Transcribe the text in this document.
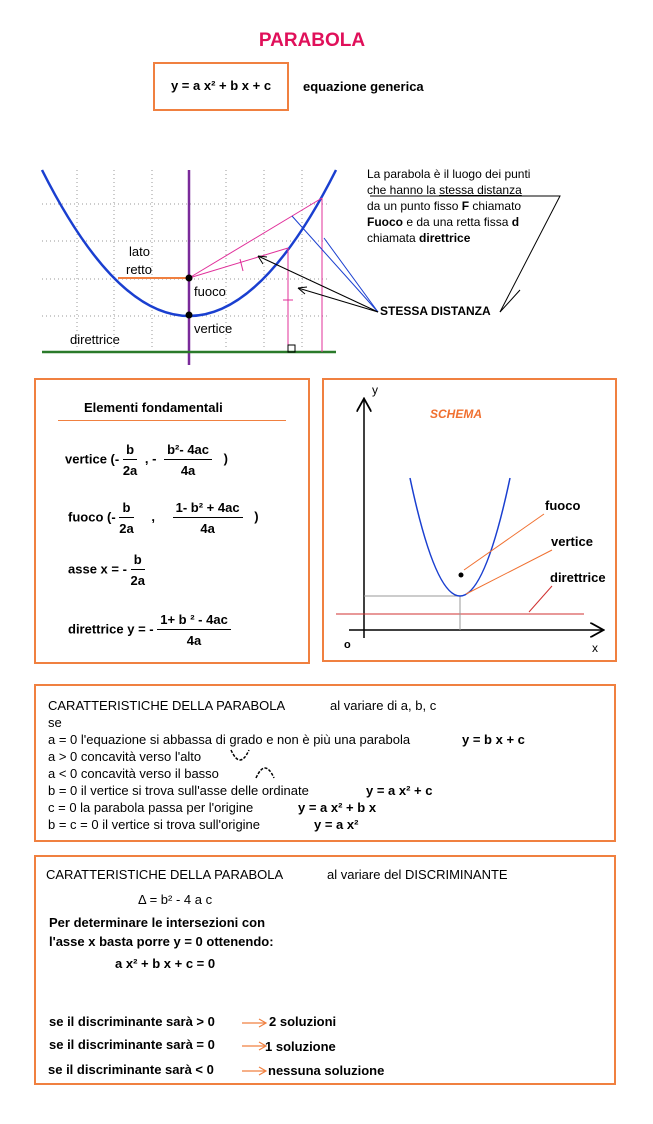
PARABOLA
y = a x² + b x + c	equazione generica
lato
retto
fuoco
vertice
direttrice
STESSA DISTANZA
La parabola è il luogo dei punti
che hanno la stessa distanza
da un punto fisso F chiamato
Fuoco e da una retta fissa d
chiamata direttrice
Elementi fondamentali
vertice (- $\frac{b}{2a}$ , - $\frac{\text{b²- 4ac}}{4a}$ )
fuoco (- $\frac{b}{2a}$ , $\frac{\text{1- b² + 4ac}}{4a}$ )
asse x = - $\frac{b}{2a}$
direttrice y = - $\frac{\text{1+ b ² - 4ac}}{4a}$
SCHEMA
y
x
o
fuoco
vertice
direttrice
CARATTERISTICHE DELLA PARABOLA	al variare di a, b, c
se
a = 0 l'equazione si abbassa di grado e non è più una parabola	y = b x + c
a > 0 concavità verso l'alto
a < 0 concavità verso il basso
b = 0 il vertice si trova sull'asse delle ordinate	y = a x² + c
c = 0 la parabola passa per l'origine	y = a x² + b x
b = c = 0 il vertice si trova sull'origine	y = a x²
CARATTERISTICHE DELLA PARABOLA	al variare del DISCRIMINANTE
Δ = b² - 4 a c
Per determinare le intersezioni con
l'asse x basta porre y = 0 ottenendo:
a x² + b x + c = 0
se il discriminante sarà > 0	2 soluzioni
se il discriminante sarà = 0	1 soluzione
se il discriminante sarà < 0	nessuna soluzione
